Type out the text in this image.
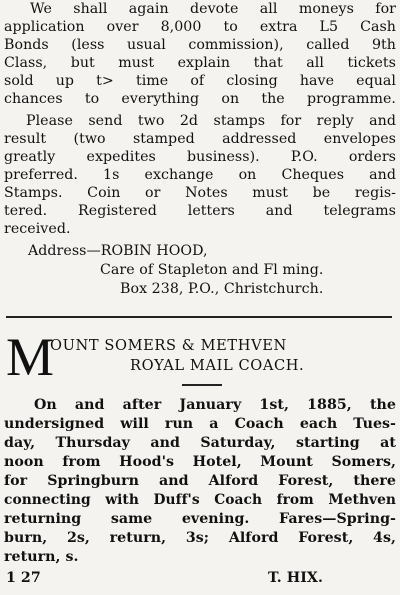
We shall again devote all moneys for
application over 8,000 to extra L5 Cash
Bonds (less usual commission), called 9th
Class, but must explain that all tickets
sold up t> time of closing have equal
chances to everything on the programme.
Please send two 2d stamps for reply and
result (two stamped addressed envelopes
greatly expedites business). P.O. orders
preferred. 1s exchange on Cheques and
Stamps. Coin or Notes must be regis-
tered. Registered letters and telegrams
received.
Address—ROBIN HOOD,
Care of Stapleton and Fl ming.
Box 238, P.O., Christchurch.
M
OUNT SOMERS & METHVEN
ROYAL MAIL COACH.
On and after January 1st, 1885, the
undersigned will run a Coach each Tues-
day, Thursday and Saturday, starting at
noon from Hood's Hotel, Mount Somers,
for Springburn and Alford Forest, there
connecting with Duff's Coach from Methven
returning same evening. Fares—Spring-
burn, 2s, return, 3s; Alford Forest, 4s,
return, s.
1 27	T. HIX.
